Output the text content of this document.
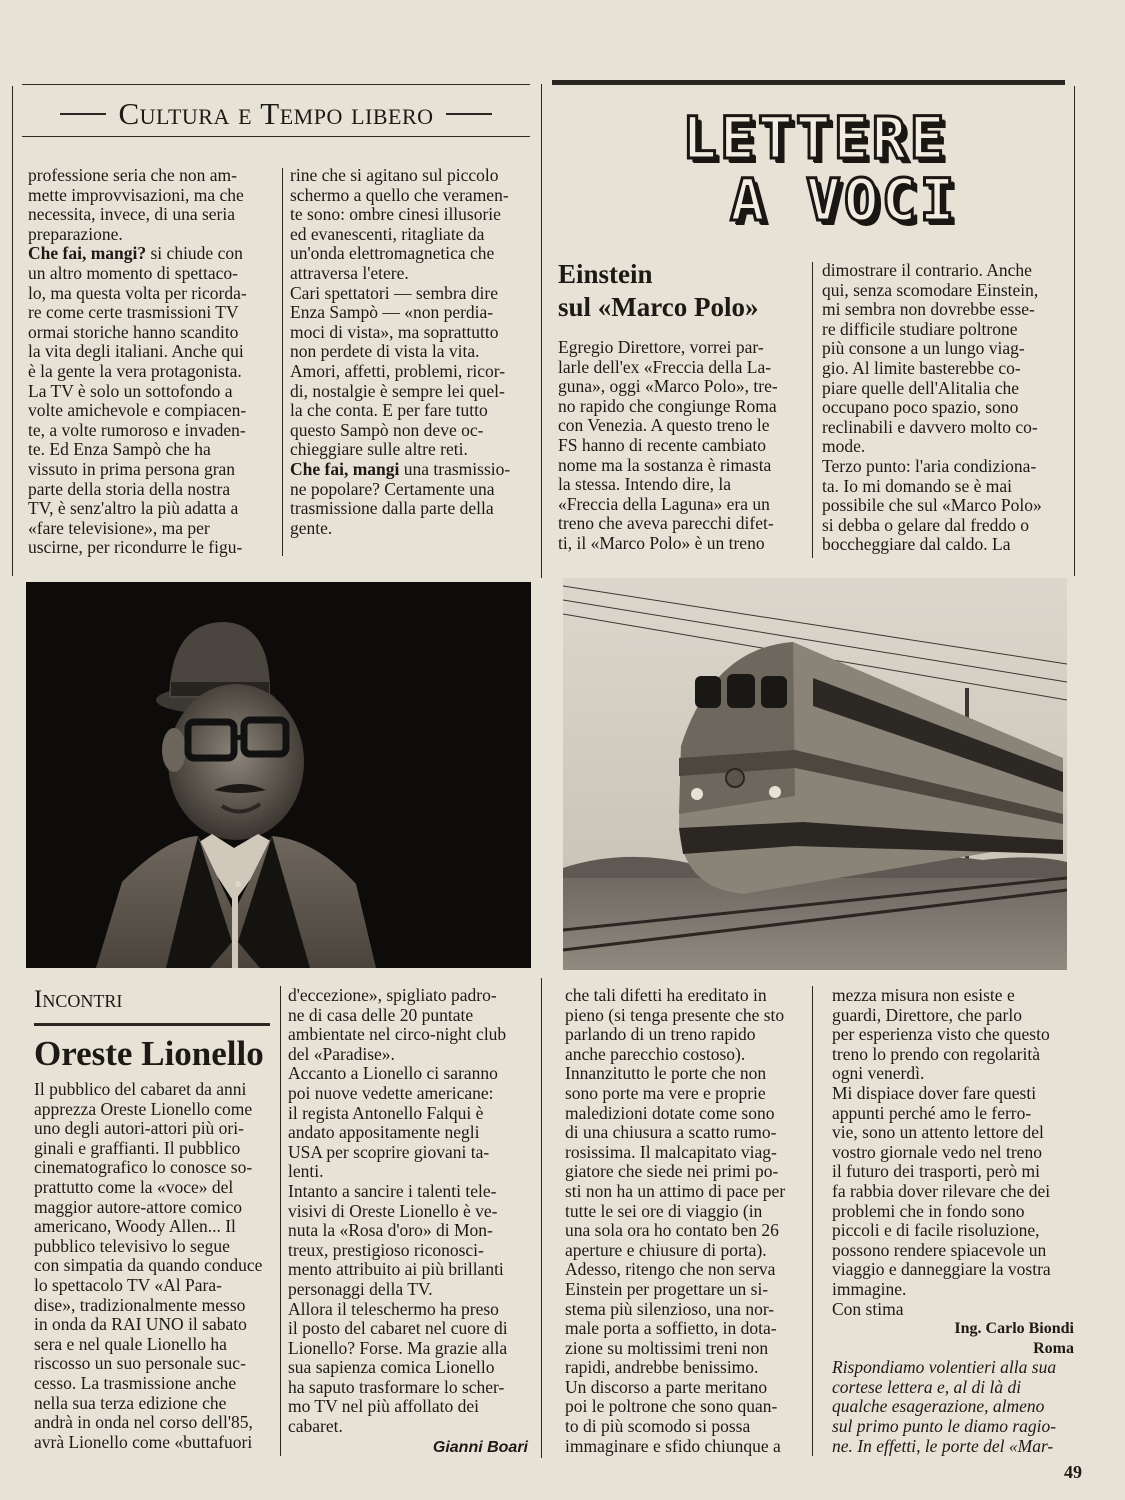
Cultura e Tempo libero

professione seria che non am-

mette improvvisazioni, ma che

necessita, invece, di una seria

preparazione.

Che fai, mangi? si chiude con

un altro momento di spettaco-

lo, ma questa volta per ricorda-

re come certe trasmissioni TV

ormai storiche hanno scandito

la vita degli italiani. Anche qui

è la gente la vera protagonista.

La TV è solo un sottofondo a

volte amichevole e compiacen-

te, a volte rumoroso e invaden-

te. Ed Enza Sampò che ha

vissuto in prima persona gran

parte della storia della nostra

TV, è senz'altro la più adatta a

«fare televisione», ma per

uscirne, per ricondurre le figu-

rine che si agitano sul piccolo

schermo a quello che veramen-

te sono: ombre cinesi illusorie

ed evanescenti, ritagliate da

un'onda elettromagnetica che

attraversa l'etere.

Cari spettatori — sembra dire

Enza Sampò — «non perdia-

moci di vista», ma soprattutto

non perdete di vista la vita.

Amori, affetti, problemi, ricor-

di, nostalgie è sempre lei quel-

la che conta. E per fare tutto

questo Sampò non deve oc-

chieggiare sulle altre reti.

Che fai, mangi una trasmissio-

ne popolare? Certamente una

trasmissione dalla parte della

gente.

LETTERE
A VOCI
Einstein
sul «Marco Polo»

Egregio Direttore, vorrei par-

larle dell'ex «Freccia della La-

guna», oggi «Marco Polo», tre-

no rapido che congiunge Roma

con Venezia. A questo treno le

FS hanno di recente cambiato

nome ma la sostanza è rimasta

la stessa. Intendo dire, la

«Freccia della Laguna» era un

treno che aveva parecchi difet-

ti, il «Marco Polo» è un treno

dimostrare il contrario. Anche

qui, senza scomodare Einstein,

mi sembra non dovrebbe esse-

re difficile studiare poltrone

più consone a un lungo viag-

gio. Al limite basterebbe co-

piare quelle dell'Alitalia che

occupano poco spazio, sono

reclinabili e davvero molto co-

mode.

Terzo punto: l'aria condiziona-

ta. Io mi domando se è mai

possibile che sul «Marco Polo»

si debba o gelare dal freddo o

boccheggiare dal caldo. La

Incontri
Oreste Lionello

Il pubblico del cabaret da anni

apprezza Oreste Lionello come

uno degli autori-attori più ori-

ginali e graffianti. Il pubblico

cinematografico lo conosce so-

prattutto come la «voce» del

maggior autore-attore comico

americano, Woody Allen... Il

pubblico televisivo lo segue

con simpatia da quando conduce

lo spettacolo TV «Al Para-

dise», tradizionalmente messo

in onda da RAI UNO il sabato

sera e nel quale Lionello ha

riscosso un suo personale suc-

cesso. La trasmissione anche

nella sua terza edizione che

andrà in onda nel corso dell'85,

avrà Lionello come «buttafuori

d'eccezione», spigliato padro-

ne di casa delle 20 puntate

ambientate nel circo-night club

del «Paradise».

Accanto a Lionello ci saranno

poi nuove vedette americane:

il regista Antonello Falqui è

andato appositamente negli

USA per scoprire giovani ta-

lenti.

Intanto a sancire i talenti tele-

visivi di Oreste Lionello è ve-

nuta la «Rosa d'oro» di Mon-

treux, prestigioso riconosci-

mento attribuito ai più brillanti

personaggi della TV.

Allora il teleschermo ha preso

il posto del cabaret nel cuore di

Lionello? Forse. Ma grazie alla

sua sapienza comica Lionello

ha saputo trasformare lo scher-

mo TV nel più affollato dei

cabaret.

Gianni Boari

che tali difetti ha ereditato in

pieno (si tenga presente che sto

parlando di un treno rapido

anche parecchio costoso).

Innanzitutto le porte che non

sono porte ma vere e proprie

maledizioni dotate come sono

di una chiusura a scatto rumo-

rosissima. Il malcapitato viag-

giatore che siede nei primi po-

sti non ha un attimo di pace per

tutte le sei ore di viaggio (in

una sola ora ho contato ben 26

aperture e chiusure di porta).

Adesso, ritengo che non serva

Einstein per progettare un si-

stema più silenzioso, una nor-

male porta a soffietto, in dota-

zione su moltissimi treni non

rapidi, andrebbe benissimo.

Un discorso a parte meritano

poi le poltrone che sono quan-

to di più scomodo si possa

immaginare e sfido chiunque a

mezza misura non esiste e

guardi, Direttore, che parlo

per esperienza visto che questo

treno lo prendo con regolarità

ogni venerdì.

Mi dispiace dover fare questi

appunti perché amo le ferro-

vie, sono un attento lettore del

vostro giornale vedo nel treno

il futuro dei trasporti, però mi

fa rabbia dover rilevare che dei

problemi che in fondo sono

piccoli e di facile risoluzione,

possono rendere spiacevole un

viaggio e danneggiare la vostra

immagine.

Con stima

Ing. Carlo Biondi

Roma

Rispondiamo volentieri alla sua

cortese lettera e, al di là di

qualche esagerazione, almeno

sul primo punto le diamo ragio-

ne. In effetti, le porte del «Mar-

49
